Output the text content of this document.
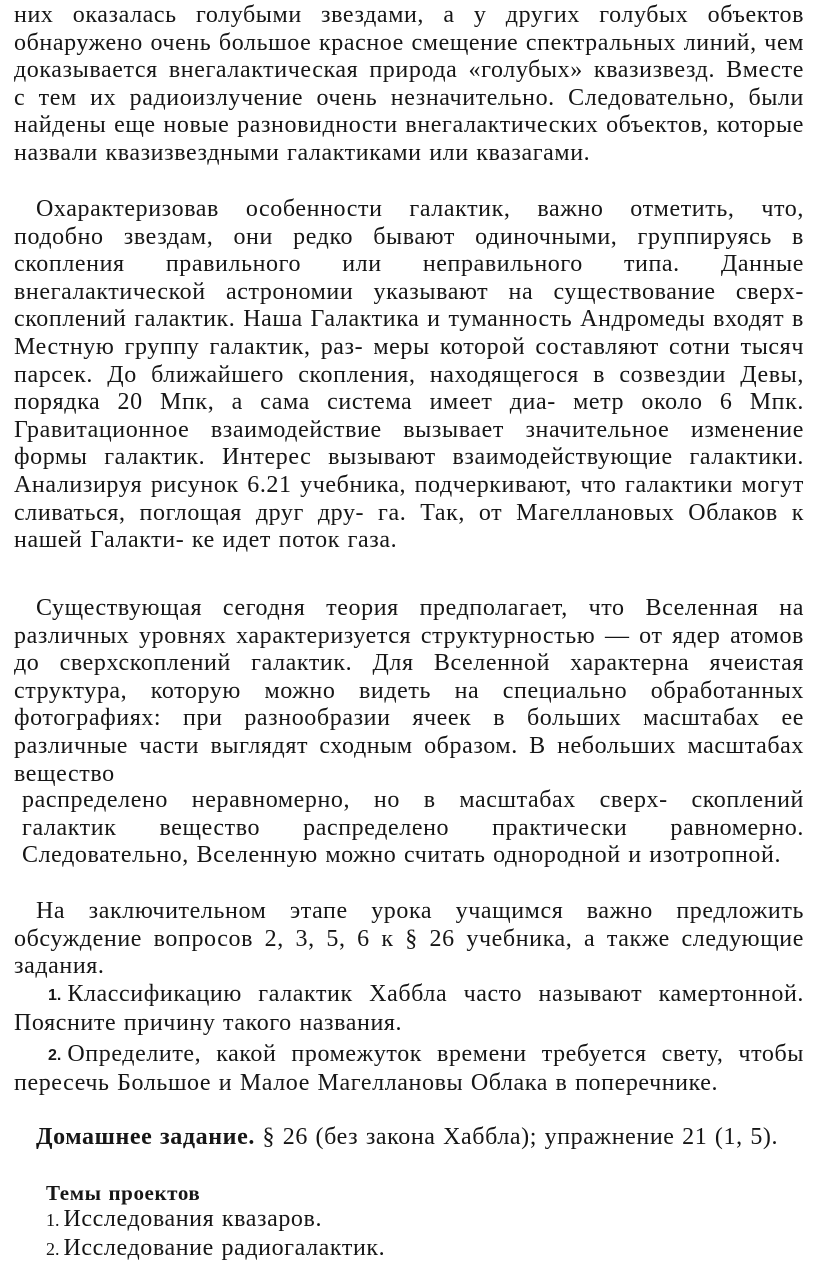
них оказалась голубыми звездами, а у других голубых объектов обнаружено очень большое красное смещение спектральных линий, чем доказывается внегалактическая природа «голубых» квазизвезд. Вместе с тем их радиоизлучение очень незначительно. Следовательно, были найдены еще новые разновидности внегалактических объектов, которые назвали квазизвездными галактиками или квазагами.

Охарактеризовав особенности галактик, важно отметить, что, подобно звездам, они редко бывают одиночными, группируясь в скопления правильного или неправильного типа. Данные внегалактической астрономии указывают на существование сверх- скоплений галактик. Наша Галактика и туманность Андромеды входят в Местную группу галактик, раз- меры которой составляют сотни тысяч парсек. До ближайшего скопления, находящегося в созвездии Девы, порядка 20 Мпк, а сама система имеет диа- метр около 6 Мпк. Гравитационное взаимодействие вызывает значительное изменение формы галактик. Интерес вызывают взаимодействующие галактики. Анализируя рисунок 6.21 учебника, подчеркивают, что галактики могут сливаться, поглощая друг дру- га. Так, от Магеллановых Облаков к нашей Галакти- ке идет поток газа.

Существующая сегодня теория предполагает, что Вселенная на различных уровнях характеризуется структурностью — от ядер атомов до сверхскоплений галактик. Для Вселенной характерна ячеистая структура, которую можно видеть на специально обработанных фотографиях: при разнообразии ячеек в больших масштабах ее различные части выглядят сходным образом. В небольших масштабах вещество

распределено неравномерно, но в масштабах сверх- скоплений галактик вещество распределено практически равномерно. Следовательно, Вселенную можно считать однородной и изотропной.

На заключительном этапе урока учащимся важно предложить обсуждение вопросов 2, 3, 5, 6 к § 26 учебника, а также следующие задания.

1. Классификацию галактик Хаббла часто называют камертонной. Поясните причину такого названия.
2. Определите, какой промежуток времени требуется свету, чтобы пересечь Большое и Малое Магеллановы Облака в поперечнике.
Домашнее задание. § 26 (без закона Хаббла); упражнение 21 (1, 5).
Темы проектов
1. Исследования квазаров.
2. Исследование радиогалактик.
